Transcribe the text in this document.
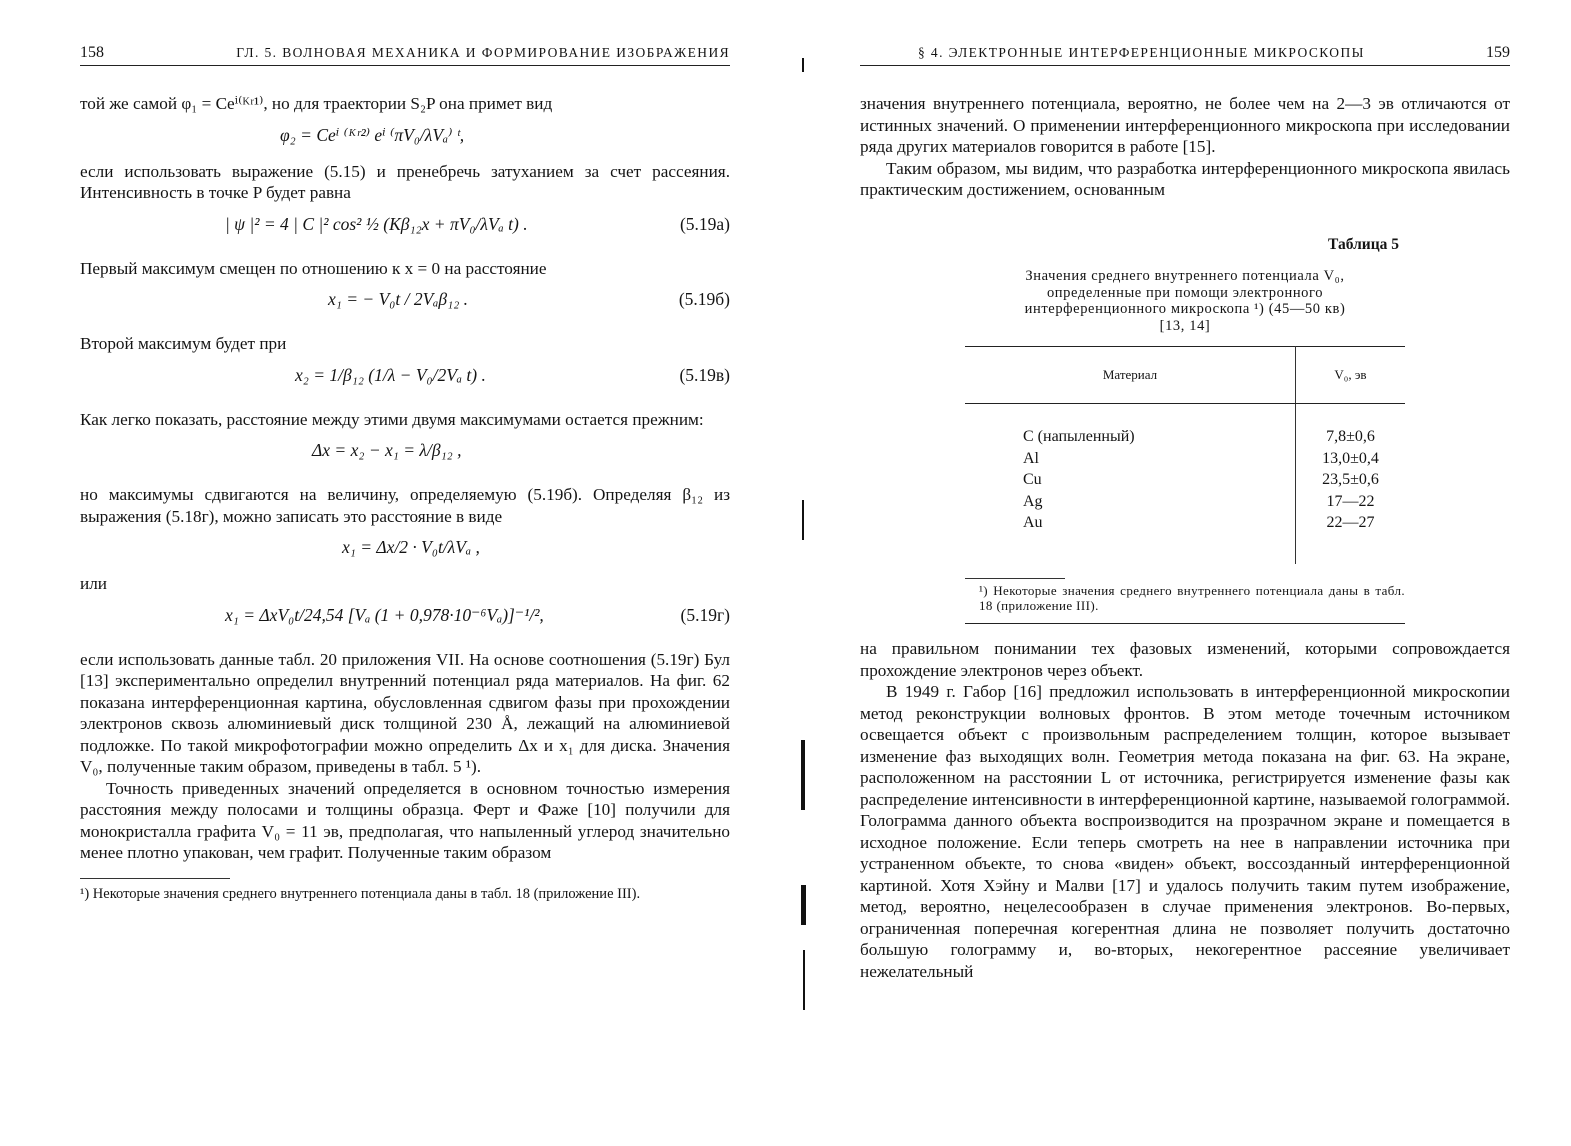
158	ГЛ. 5. ВОЛНОВАЯ МЕХАНИКА И ФОРМИРОВАНИЕ ИЗОБРАЖЕНИЯ

той же самой φ₁ = Ceⁱ⁽ᴷʳ¹⁾, но для траектории S₂P она примет вид

φ₂ = Ceⁱ ⁽ᴷʳ²⁾ eⁱ ⁽πV₀/λVₐ⁾ ᵗ,

если использовать выражение (5.15) и пренебречь затуханием за счет рассеяния. Интенсивность в точке P будет равна

| ψ |² = 4 | C |² cos² ½ (Kβ₁₂x + πV₀/λVₐ t) .	(5.19а)

Первый максимум смещен по отношению к x = 0 на расстояние

x₁ = − V₀t / 2Vₐβ₁₂ .	(5.19б)

Второй максимум будет при

x₂ = 1/β₁₂ (1/λ − V₀/2Vₐ t) .	(5.19в)

Как легко показать, расстояние между этими двумя максимумами остается прежним:

Δx = x₂ − x₁ = λ/β₁₂ ,

но максимумы сдвигаются на величину, определяемую (5.19б). Определяя β₁₂ из выражения (5.18г), можно записать это расстояние в виде

x₁ = Δx/2 · V₀t/λVₐ ,

или

x₁ = ΔxV₀t/24,54 [Vₐ (1 + 0,978·10⁻⁶Vₐ)]⁻¹/²,	(5.19г)

если использовать данные табл. 20 приложения VII. На основе соотношения (5.19г) Бул [13] экспериментально определил внутренний потенциал ряда материалов. На фиг. 62 показана интерференционная картина, обусловленная сдвигом фазы при прохождении электронов сквозь алюминиевый диск толщиной 230 Å, лежащий на алюминиевой подложке. По такой микрофотографии можно определить Δx и x₁ для диска. Значения V₀, полученные таким образом, приведены в табл. 5 ¹).

Точность приведенных значений определяется в основном точностью измерения расстояния между полосами и толщины образца. Ферт и Фаже [10] получили для монокристалла графита V₀ = 11 эв, предполагая, что напыленный углерод значительно менее плотно упакован, чем графит. Полученные таким образом

¹) Некоторые значения среднего внутреннего потенциала даны в табл. 18 (приложение III).

§ 4. ЭЛЕКТРОННЫЕ ИНТЕРФЕРЕНЦИОННЫЕ МИКРОСКОПЫ	159

значения внутреннего потенциала, вероятно, не более чем на 2—3 эв отличаются от истинных значений. О применении интерференционного микроскопа при исследовании ряда других материалов говорится в работе [15].

Таким образом, мы видим, что разработка интерференционного микроскопа явилась практическим достижением, основанным

Таблица 5
Значения среднего внутреннего потенциала V₀,
определенные при помощи электронного
интерференционного микроскопа ¹) (45—50 кв)
[13, 14]
Материал	V₀, эв
С (напыленный)	7,8±0,6
Al	13,0±0,4
Cu	23,5±0,6
Ag	17—22
Au	22—27
¹) Некоторые значения среднего внутреннего потенциала даны в табл. 18 (приложение III).

на правильном понимании тех фазовых изменений, которыми сопровождается прохождение электронов через объект.

В 1949 г. Габор [16] предложил использовать в интерференционной микроскопии метод реконструкции волновых фронтов. В этом методе точечным источником освещается объект с произвольным распределением толщин, которое вызывает изменение фаз выходящих волн. Геометрия метода показана на фиг. 63. На экране, расположенном на расстоянии L от источника, регистрируется изменение фазы как распределение интенсивности в интерференционной картине, называемой голограммой. Голограмма данного объекта воспроизводится на прозрачном экране и помещается в исходное положение. Если теперь смотреть на нее в направлении источника при устраненном объекте, то снова «виден» объект, воссозданный интерференционной картиной. Хотя Хэйну и Малви [17] и удалось получить таким путем изображение, метод, вероятно, нецелесообразен в случае применения электронов. Во-первых, ограниченная поперечная когерентная длина не позволяет получить достаточно большую голограмму и, во-вторых, некогерентное рассеяние увеличивает нежелательный
